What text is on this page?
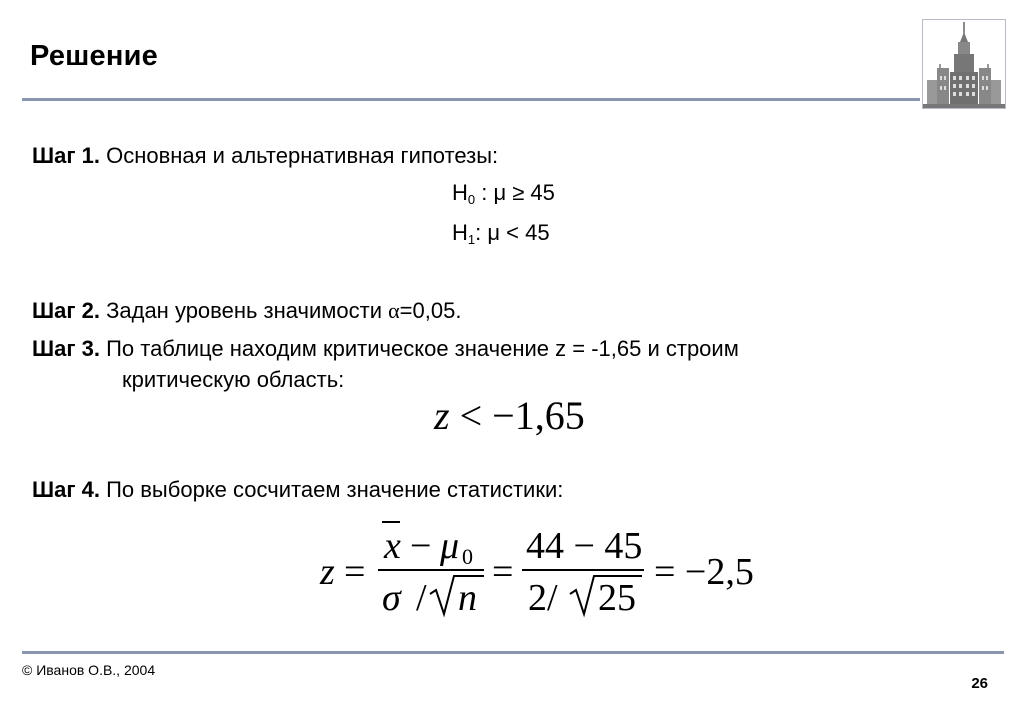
Решение
Шаг 1. Основная и альтернативная гипотезы:
$H_0$ : μ ≥ 45
$H_1$: μ < 45
Шаг 2. Задан уровень значимости α=0,05.
Шаг 3. По таблице находим критическое значение z = -1,65 и строим
критическую область:
z < −1,65
Шаг 4. По выборке сосчитаем значение статистики:
z =
x − μ 0
σ / n
=
44 − 45
2/ 25
= −2,5
© Иванов О.В., 2004
26
